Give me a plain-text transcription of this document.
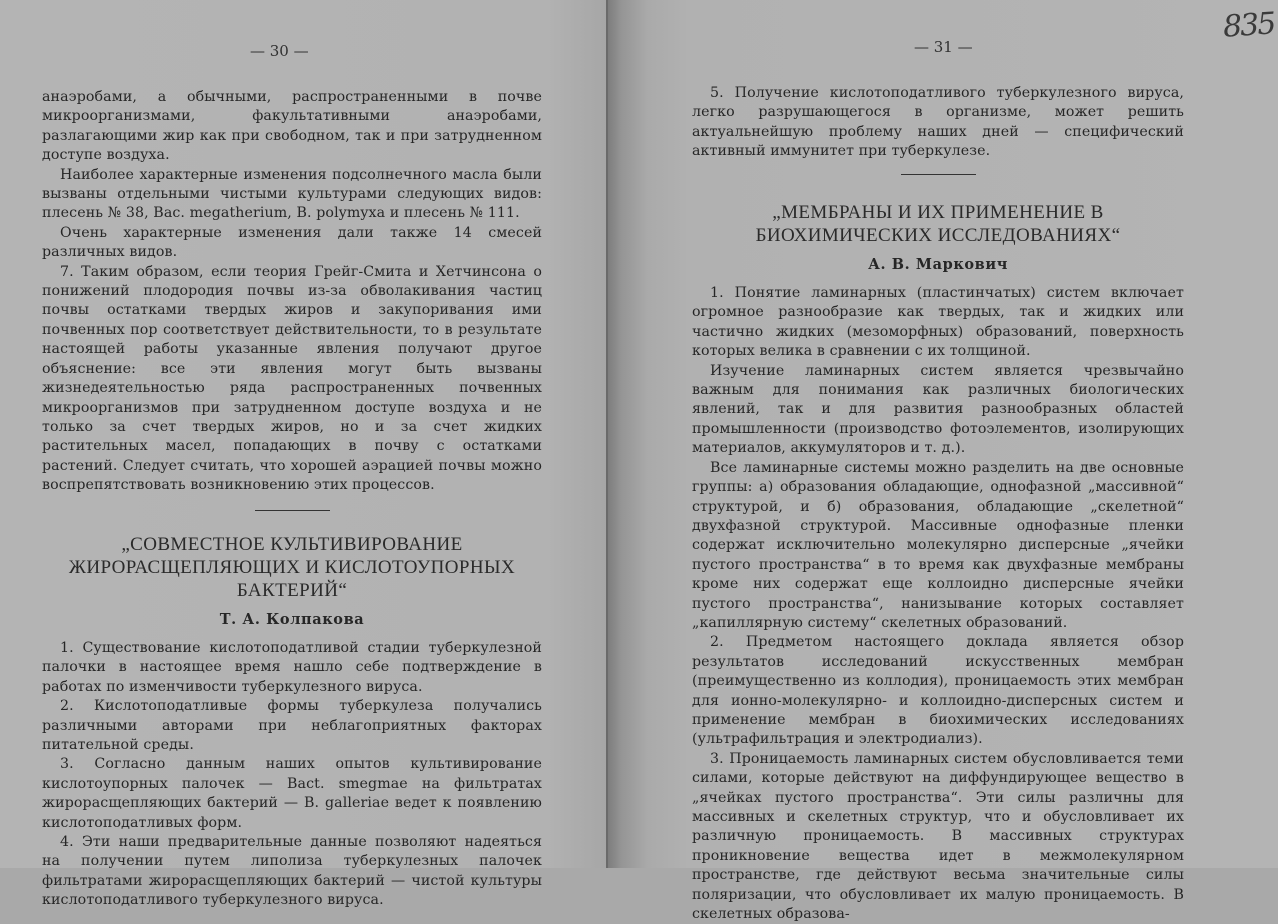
— 30 —

анаэробами, а обычными, распространенными в почве микроорганизмами, факультативными анаэробами, разлагающими жир как при свободном, так и при затрудненном доступе воздуха.

Наиболее характерные изменения подсолнечного масла были вызваны отдельными чистыми культурами следующих видов: плесень № 38, Bac. megatherium, B. polymyxa и плесень № 111.

Очень характерные изменения дали также 14 смесей различных видов.

7. Таким образом, если теория Грейг-Смита и Хетчинсона о понижений плодородия почвы из-за обволакивания частиц почвы остатками твердых жиров и закупоривания ими почвенных пор соответствует действительности, то в результате настоящей работы указанные явления получают другое объяснение: все эти явления могут быть вызваны жизнедеятельностью ряда распространенных почвенных микроорганизмов при затрудненном доступе воздуха и не только за счет твердых жиров, но и за счет жидких растительных масел, попадающих в почву с остатками растений. Следует считать, что хорошей аэрацией почвы можно воспрепятствовать возникновению этих процессов.

„СОВМЕСТНОЕ КУЛЬТИВИРОВАНИЕ ЖИРОРАСЩЕПЛЯЮЩИХ И КИСЛОТОУПОРНЫХ БАКТЕРИЙ“
Т. А. Колпакова

1. Существование кислотоподатливой стадии туберкулезной палочки в настоящее время нашло себе подтверждение в работах по изменчивости туберкулезного вируса.

2. Кислотоподатливые формы туберкулеза получались различными авторами при неблагоприятных факторах питательной среды.

3. Согласно данным наших опытов культивирование кислотоупорных палочек — Bact. smegmae на фильтратах жирорасщепляющих бактерий — B. galleriae ведет к появлению кислотоподатливых форм.

4. Эти наши предварительные данные позволяют надеяться на получении путем липолиза туберкулезных палочек фильтратами жирорасщепляющих бактерий — чистой культуры кислотоподатливого туберкулезного вируса.

— 31 —
835

5. Получение кислотоподатливого туберкулезного вируса, легко разрушающегося в организме, может решить актуальнейшую проблему наших дней — специфический активный иммунитет при туберкулезе.

„МЕМБРАНЫ И ИХ ПРИМЕНЕНИЕ В БИОХИМИЧЕСКИХ ИССЛЕДОВАНИЯХ“
А. В. Маркович

1. Понятие ламинарных (пластинчатых) систем включает огромное разнообразие как твердых, так и жидких или частично жидких (мезоморфных) образований, поверхность которых велика в сравнении с их толщиной.

Изучение ламинарных систем является чрезвычайно важным для понимания как различных биологических явлений, так и для развития разнообразных областей промышленности (производство фотоэлементов, изолирующих материалов, аккумуляторов и т. д.).

Все ламинарные системы можно разделить на две основные группы: а) образования обладающие, однофазной „массивной“ структурой, и б) образования, обладающие „скелетной“ двухфазной структурой. Массивные однофазные пленки содержат исключительно молекулярно дисперсные „ячейки пустого пространства“ в то время как двухфазные мембраны кроме них содержат еще коллоидно дисперсные ячейки пустого пространства“, нанизывание которых составляет „капиллярную систему“ скелетных образований.

2. Предметом настоящего доклада является обзор результатов исследований искусственных мембран (преимущественно из коллодия), проницаемость этих мембран для ионно-молекулярно- и коллоидно-дисперсных систем и применение мембран в биохимических исследованиях (ультрафильтрация и электродиализ).

3. Проницаемость ламинарных систем обусловливается теми силами, которые действуют на диффундирующее вещество в „ячейках пустого пространства“. Эти силы различны для массивных и скелетных структур, что и обусловливает их различную проницаемость. В массивных структурах проникновение вещества идет в межмолекулярном пространстве, где действуют весьма значительные силы поляризации, что обусловливает их малую проницаемость. В скелетных образова-
